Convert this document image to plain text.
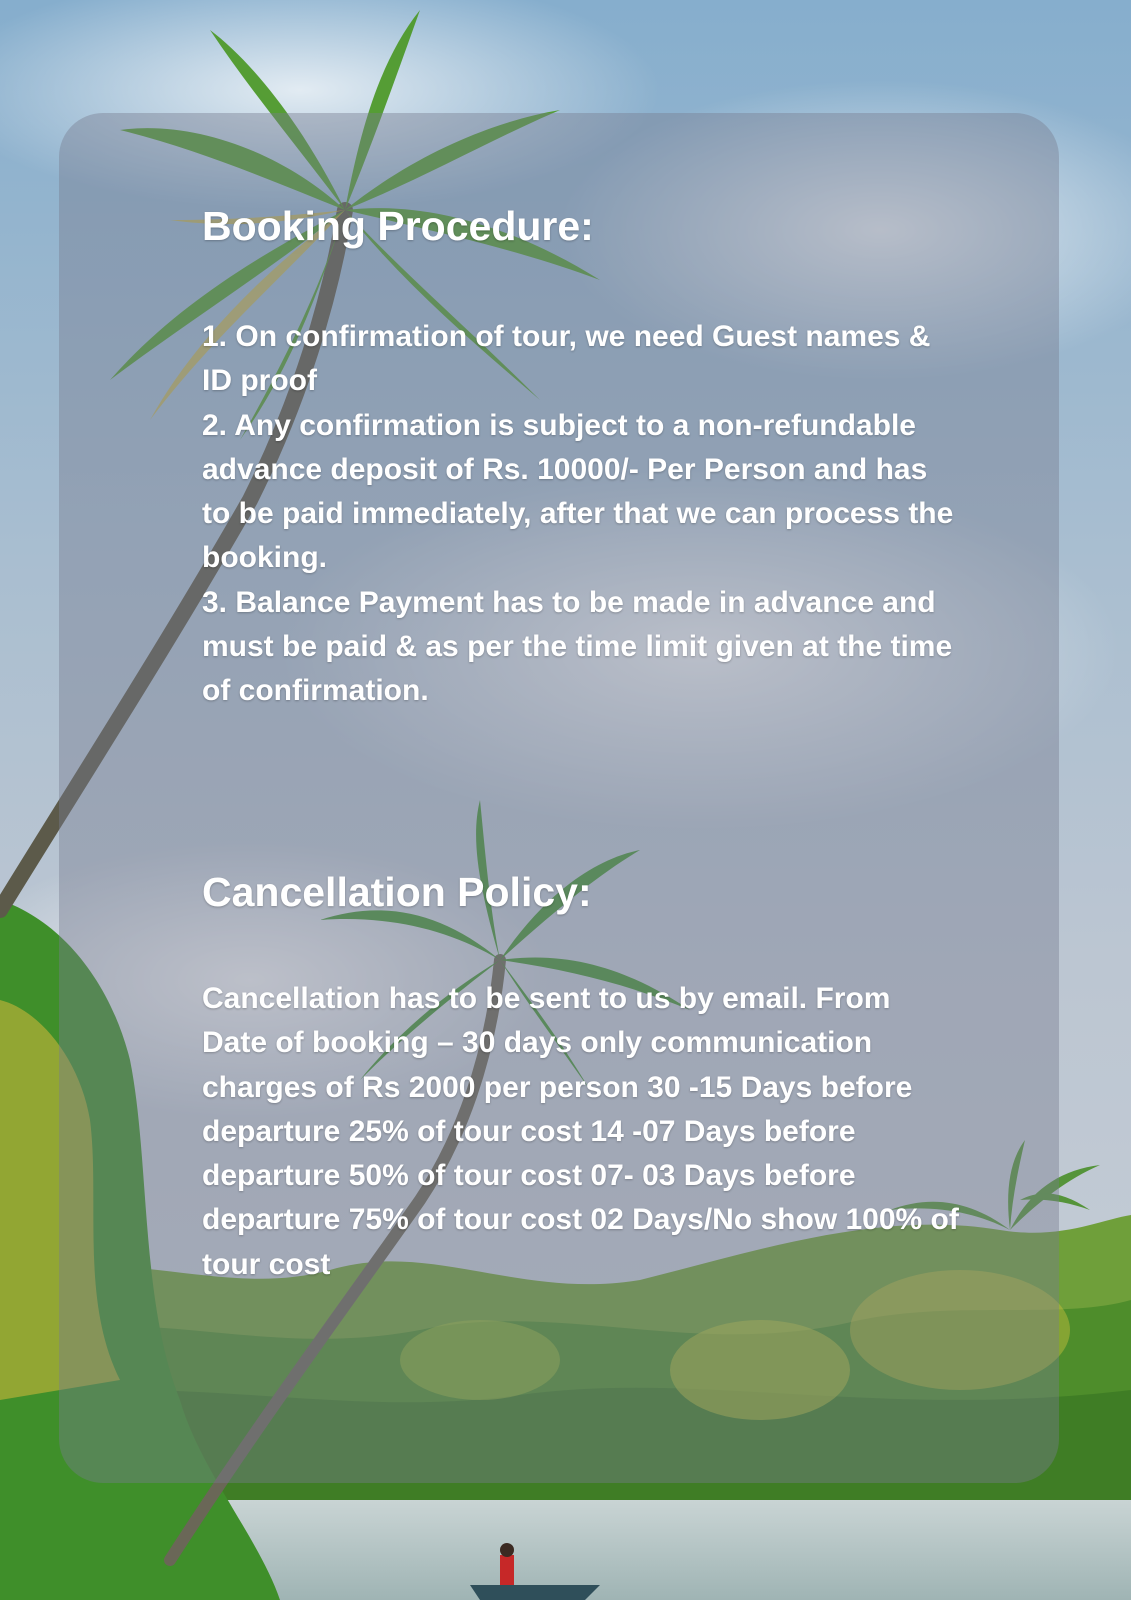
Booking Procedure:

1. On confirmation of tour, we need Guest names & ID proof

2. Any confirmation is subject to a non-refundable advance deposit of Rs. 10000/- Per Person and has to be paid immediately, after that we can process the booking.

3. Balance Payment has to be made in advance and must be paid & as per the time limit given at the time of confirmation.

Cancellation Policy:

Cancellation has to be sent to us by email. From Date of booking – 30 days only communication charges of Rs 2000 per person 30 -15 Days before departure 25% of tour cost 14 -07 Days before departure 50% of tour cost 07- 03 Days before departure 75% of tour cost 02 Days/No show 100% of tour cost
